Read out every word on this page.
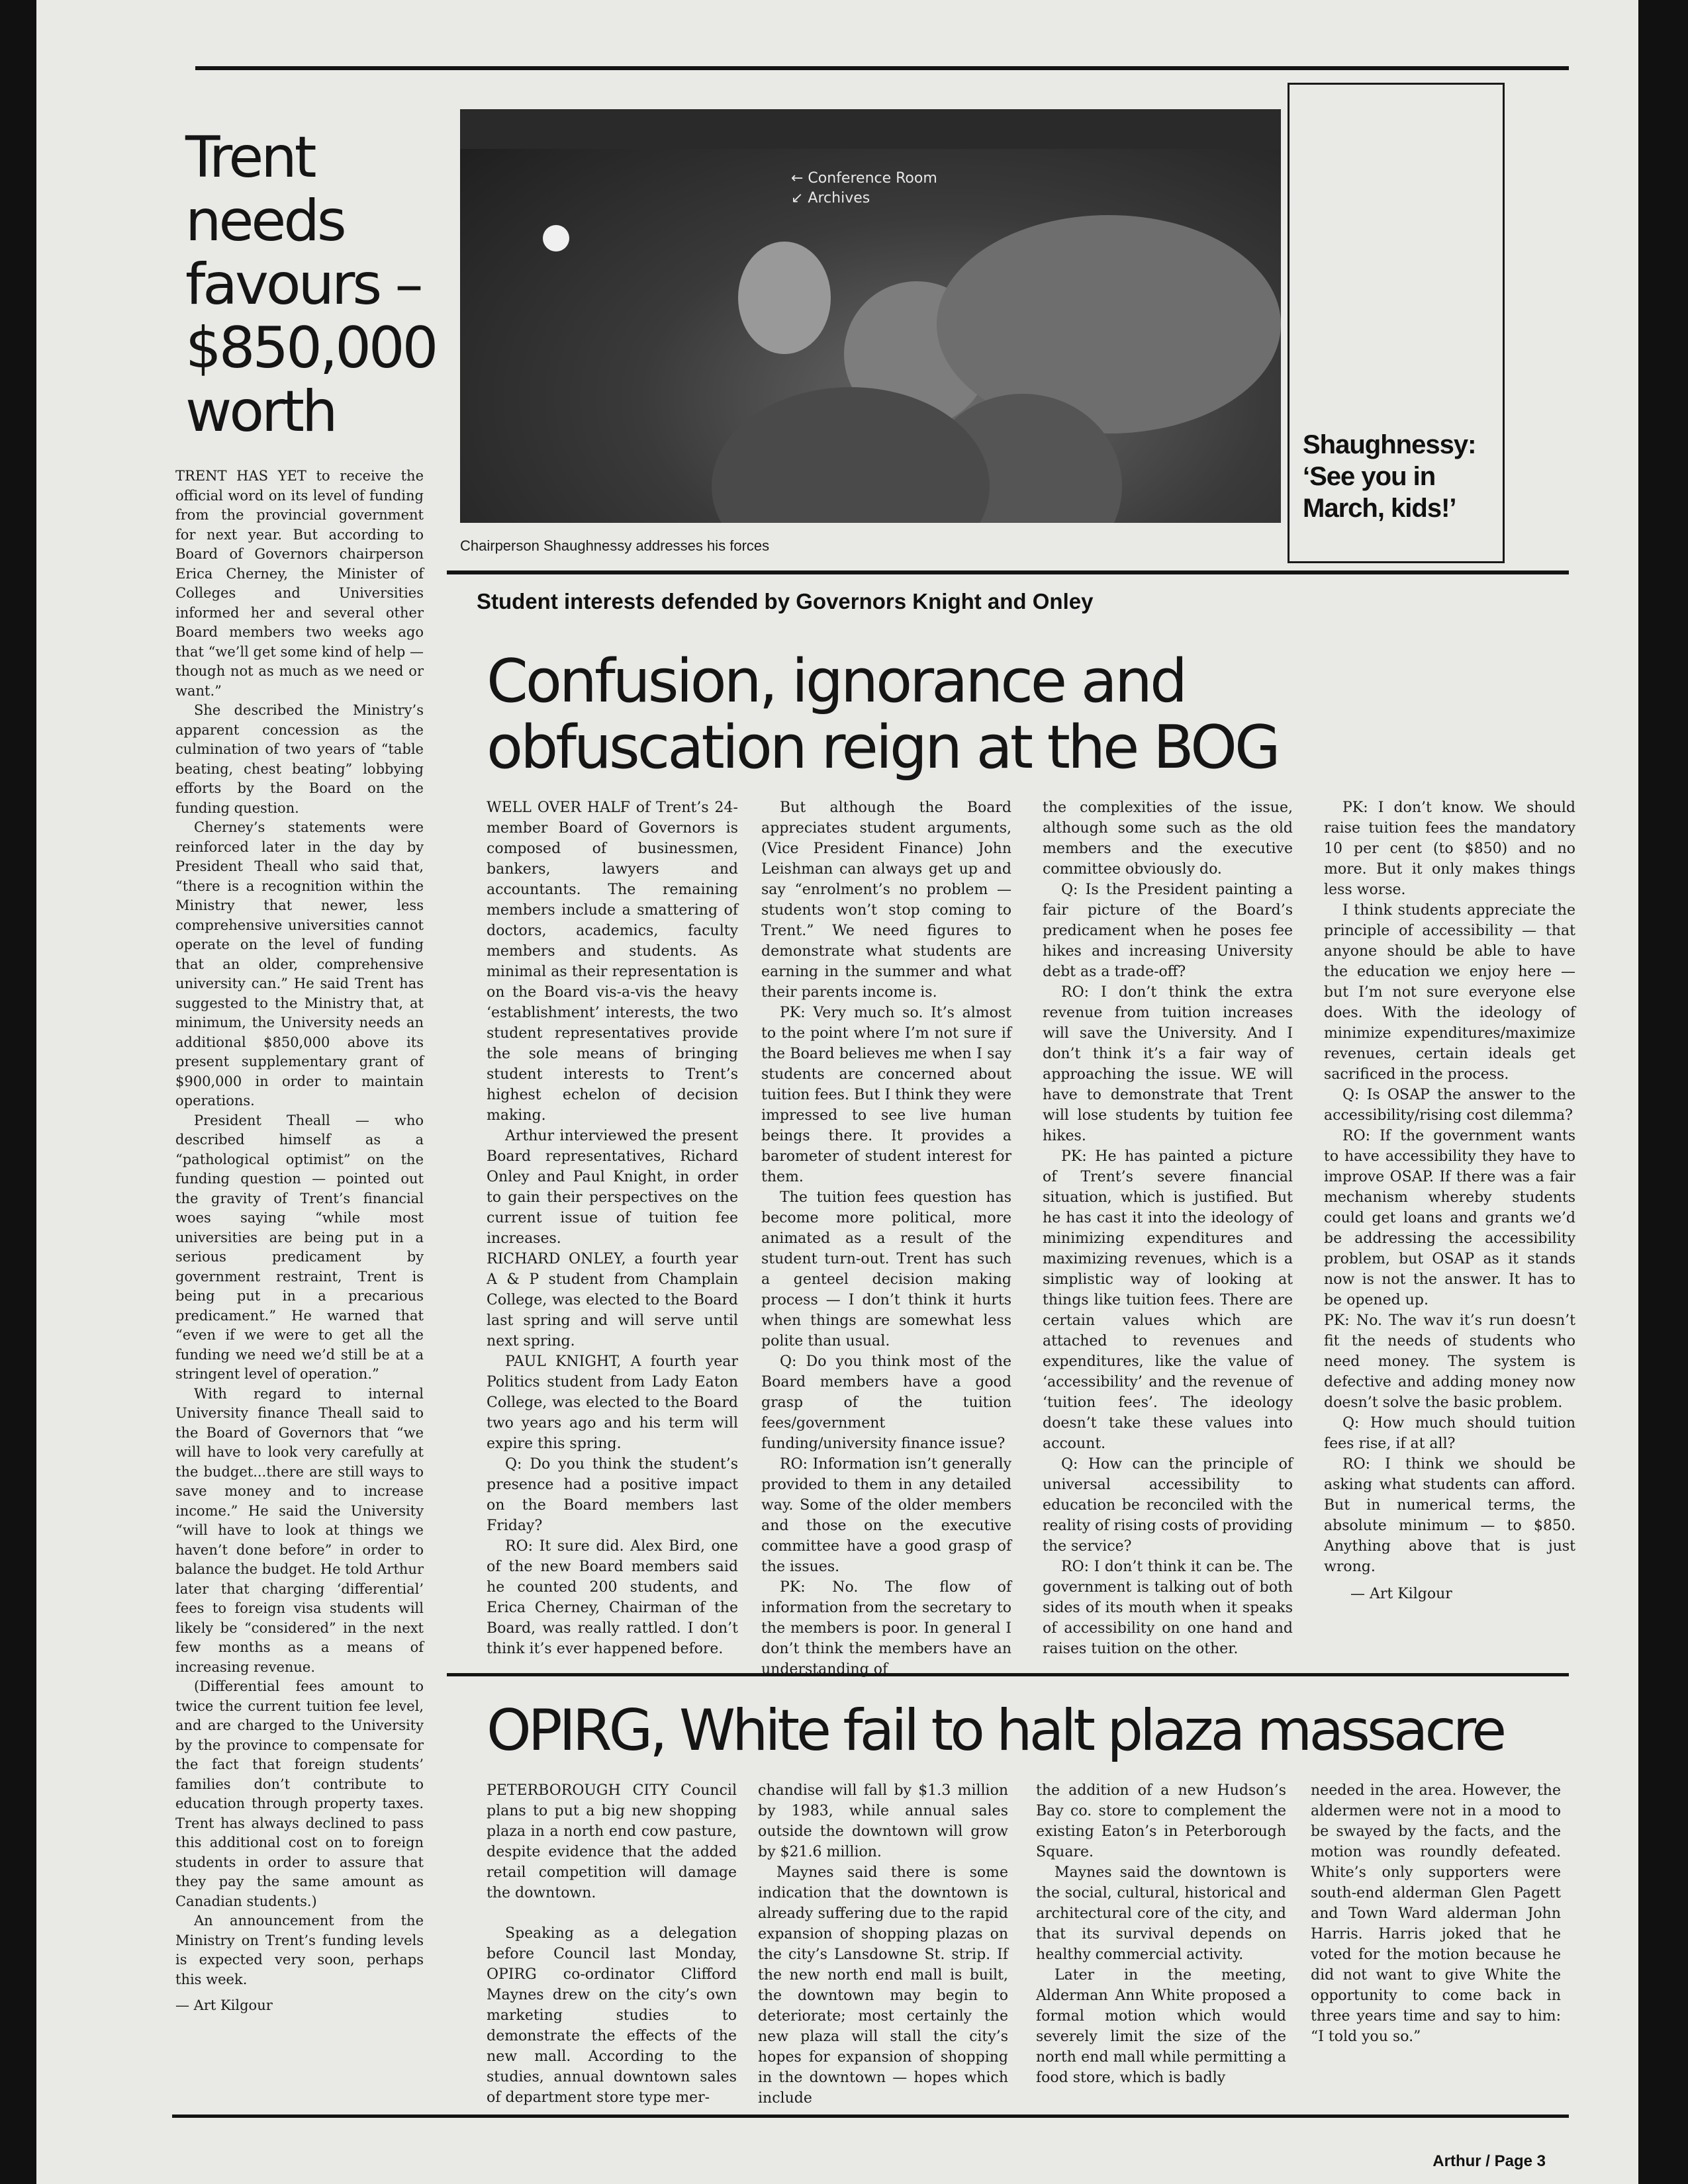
Trent
needs
favours –
$850,000
worth

TRENT HAS YET to receive the official word on its level of funding from the provincial government for next year. But according to Board of Governors chairperson Erica Cherney, the Minister of Colleges and Universities informed her and several other Board members two weeks ago that “we’ll get some kind of help — though not as much as we need or want.”

She described the Ministry’s apparent concession as the culmination of two years of “table beating, chest beating” lobbying efforts by the Board on the funding question.

Cherney’s statements were reinforced later in the day by President Theall who said that, “there is a recognition within the Ministry that newer, less comprehensive universities cannot operate on the level of funding that an older, comprehensive university can.” He said Trent has suggested to the Ministry that, at minimum, the University needs an additional $850,000 above its present supplementary grant of $900,000 in order to maintain operations.

President Theall — who described himself as a “pathological optimist” on the funding question — pointed out the gravity of Trent’s financial woes saying “while most universities are being put in a serious predicament by government restraint, Trent is being put in a precarious predicament.” He warned that “even if we were to get all the funding we need we’d still be at a stringent level of operation.”

With regard to internal University finance Theall said to the Board of Governors that “we will have to look very carefully at the budget...there are still ways to save money and to increase income.” He said the University “will have to look at things we haven’t done before” in order to balance the budget. He told Arthur later that charging ‘differential’ fees to foreign visa students will likely be “considered” in the next few months as a means of increasing revenue.

(Differential fees amount to twice the current tuition fee level, and are charged to the University by the province to compensate for the fact that foreign students’ families don’t contribute to education through property taxes. Trent has always declined to pass this additional cost on to foreign students in order to assure that they pay the same amount as Canadian students.)

An announcement from the Ministry on Trent’s funding levels is expected very soon, perhaps this week.

— Art Kilgour

← Conference Room
↙ Archives
Chairperson Shaughnessy addresses his forces
Shaughnessy: ‘See you in March, kids!’
Student interests defended by Governors Knight and Onley
Confusion, ignorance and
obfuscation reign at the BOG

WELL OVER HALF of Trent’s 24-member Board of Governors is composed of businessmen, bankers, lawyers and accountants. The remaining members include a smattering of doctors, academics, faculty members and students. As minimal as their representation is on the Board vis-a-vis the heavy ‘establishment’ interests, the two student representatives provide the sole means of bringing student interests to Trent’s highest echelon of decision making.

Arthur interviewed the present Board representatives, Richard Onley and Paul Knight, in order to gain their perspectives on the current issue of tuition fee increases.

RICHARD ONLEY, a fourth year A & P student from Champlain College, was elected to the Board last spring and will serve until next spring.

PAUL KNIGHT, A fourth year Politics student from Lady Eaton College, was elected to the Board two years ago and his term will expire this spring.

Q: Do you think the student’s presence had a positive impact on the Board members last Friday?

RO: It sure did. Alex Bird, one of the new Board members said he counted 200 students, and Erica Cherney, Chairman of the Board, was really rattled. I don’t think it’s ever happened before.

But although the Board appreciates student arguments, (Vice President Finance) John Leishman can always get up and say “enrolment’s no problem — students won’t stop coming to Trent.” We need figures to demonstrate what students are earning in the summer and what their parents income is.

PK: Very much so. It’s almost to the point where I’m not sure if the Board believes me when I say students are concerned about tuition fees. But I think they were impressed to see live human beings there. It provides a barometer of student interest for them.

The tuition fees question has become more political, more animated as a result of the student turn-out. Trent has such a genteel decision making process — I don’t think it hurts when things are somewhat less polite than usual.

Q: Do you think most of the Board members have a good grasp of the tuition fees/government funding/university finance issue?

RO: Information isn’t generally provided to them in any detailed way. Some of the older members and those on the executive committee have a good grasp of the issues.

PK: No. The flow of information from the secretary to the members is poor. In general I don’t think the members have an understanding of

the complexities of the issue, although some such as the old members and the executive committee obviously do.

Q: Is the President painting a fair picture of the Board’s predicament when he poses fee hikes and increasing University debt as a trade-off?

RO: I don’t think the extra revenue from tuition increases will save the University. And I don’t think it’s a fair way of approaching the issue. WE will have to demonstrate that Trent will lose students by tuition fee hikes.

PK: He has painted a picture of Trent’s severe financial situation, which is justified. But he has cast it into the ideology of minimizing expenditures and maximizing revenues, which is a simplistic way of looking at things like tuition fees. There are certain values which are attached to revenues and expenditures, like the value of ‘accessibility’ and the revenue of ‘tuition fees’. The ideology doesn’t take these values into account.

Q: How can the principle of universal accessibility to education be reconciled with the reality of rising costs of providing the service?

RO: I don’t think it can be. The government is talking out of both sides of its mouth when it speaks of accessibility on one hand and raises tuition on the other.

PK: I don’t know. We should raise tuition fees the mandatory 10 per cent (to $850) and no more. But it only makes things less worse.

I think students appreciate the principle of accessibility — that anyone should be able to have the education we enjoy here — but I’m not sure everyone else does. With the ideology of minimize expenditures/maximize revenues, certain ideals get sacrificed in the process.

Q: Is OSAP the answer to the accessibility/rising cost dilemma?

RO: If the government wants to have accessibility they have to improve OSAP. If there was a fair mechanism whereby students could get loans and grants we’d be addressing the accessibility problem, but OSAP as it stands now is not the answer. It has to be opened up.

PK: No. The wav it’s run doesn’t fit the needs of students who need money. The system is defective and adding money now doesn’t solve the basic problem.

Q: How much should tuition fees rise, if at all?

RO: I think we should be asking what students can afford. But in numerical terms, the absolute minimum — to $850. Anything above that is just wrong.

— Art Kilgour

OPIRG, White fail to halt plaza massacre

PETERBOROUGH CITY Council plans to put a big new shopping plaza in a north end cow pasture, despite evidence that the added retail competition will damage the downtown.

Speaking as a delegation before Council last Monday, OPIRG co-ordinator Clifford Maynes drew on the city’s own marketing studies to demonstrate the effects of the new mall. According to the studies, annual downtown sales of department store type mer-

chandise will fall by $1.3 million by 1983, while annual sales outside the downtown will grow by $21.6 million.

Maynes said there is some indication that the downtown is already suffering due to the rapid expansion of shopping plazas on the city’s Lansdowne St. strip. If the new north end mall is built, the downtown may begin to deteriorate; most certainly the new plaza will stall the city’s hopes for expansion of shopping in the downtown — hopes which include

the addition of a new Hudson’s Bay co. store to complement the existing Eaton’s in Peterborough Square.

Maynes said the downtown is the social, cultural, historical and architectural core of the city, and that its survival depends on healthy commercial activity.

Later in the meeting, Alderman Ann White proposed a formal motion which would severely limit the size of the north end mall while permitting a food store, which is badly

needed in the area. However, the aldermen were not in a mood to be swayed by the facts, and the motion was roundly defeated. White’s only supporters were south-end alderman Glen Pagett and Town Ward alderman John Harris. Harris joked that he voted for the motion because he did not want to give White the opportunity to come back in three years time and say to him: “I told you so.”

Arthur / Page 3
